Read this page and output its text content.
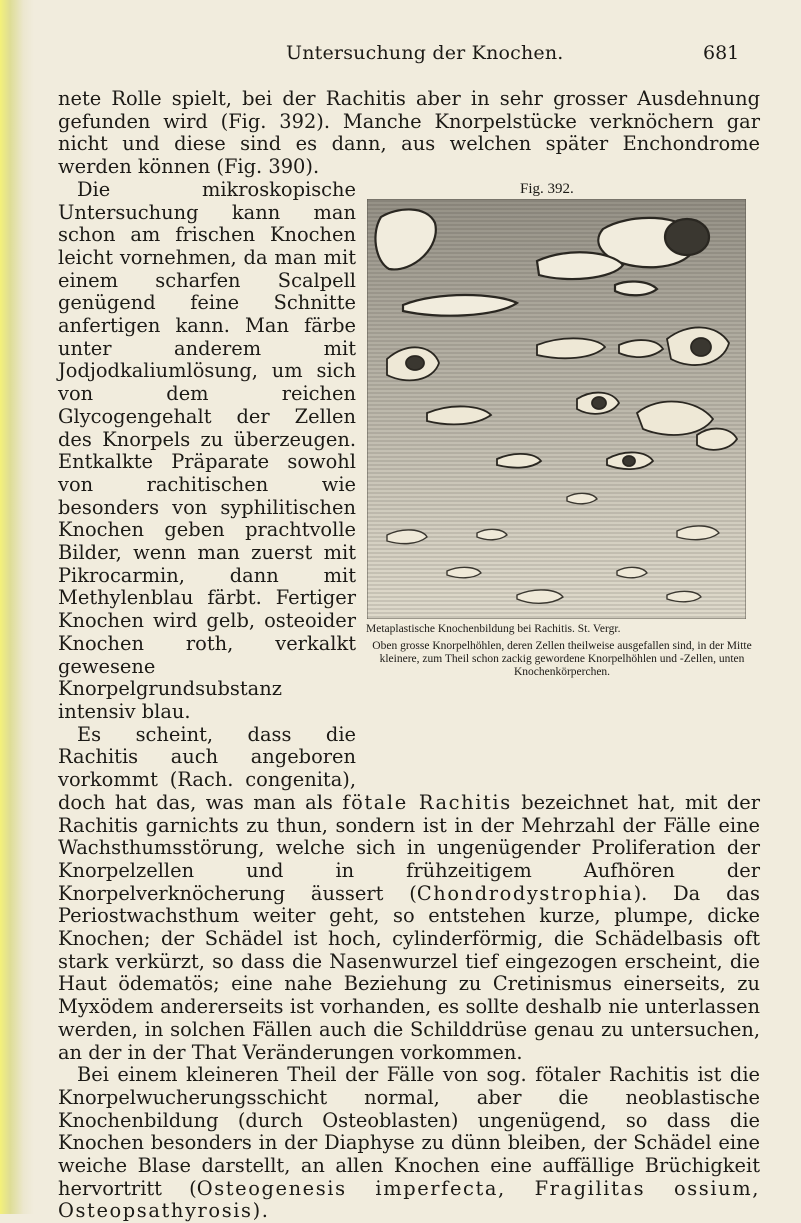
Untersuchung der Knochen.	681

nete Rolle spielt, bei der Rachitis aber in sehr grosser Ausdehnung gefunden wird (Fig. 392). Manche Knorpelstücke verknöchern gar nicht und diese sind es dann, aus welchen später Enchondrome werden können (Fig. 390).

Fig. 392.
Metaplastische Knochenbildung bei Rachitis. St. Vergr.
Oben grosse Knorpelhöhlen, deren Zellen theilweise ausgefallen sind, in der Mitte kleinere, zum Theil schon zackig gewordene Knorpelhöhlen und -Zellen, unten Knochenkörperchen.

Die mikroskopische Untersuchung kann man schon am frischen Knochen leicht vornehmen, da man mit einem scharfen Scalpell genügend feine Schnitte anfertigen kann. Man färbe unter anderem mit Jodjodkaliumlösung, um sich von dem reichen Glycogengehalt der Zellen des Knorpels zu überzeugen. Entkalkte Präparate sowohl von rachitischen wie besonders von syphilitischen Knochen geben prachtvolle Bilder, wenn man zuerst mit Pikrocarmin, dann mit Methylenblau färbt. Fertiger Knochen wird gelb, osteoider Knochen roth, verkalkt gewesene Knorpelgrundsubstanz intensiv blau.

Es scheint, dass die Rachitis auch angeboren vorkommt (Rach. congenita), doch hat das, was man als fötale Rachitis bezeichnet hat, mit der Rachitis garnichts zu thun, sondern ist in der Mehrzahl der Fälle eine Wachsthumsstörung, welche sich in ungenügender Proliferation der Knorpelzellen und in frühzeitigem Aufhören der Knorpelverknöcherung äussert (Chondrodystrophia). Da das Periostwachsthum weiter geht, so entstehen kurze, plumpe, dicke Knochen; der Schädel ist hoch, cylinderförmig, die Schädelbasis oft stark verkürzt, so dass die Nasenwurzel tief eingezogen erscheint, die Haut ödematös; eine nahe Beziehung zu Cretinismus einerseits, zu Myxödem andererseits ist vorhanden, es sollte deshalb nie unterlassen werden, in solchen Fällen auch die Schilddrüse genau zu untersuchen, an der in der That Veränderungen vorkommen.

Bei einem kleineren Theil der Fälle von sog. fötaler Rachitis ist die Knorpelwucherungsschicht normal, aber die neoblastische Knochenbildung (durch Osteoblasten) ungenügend, so dass die Knochen besonders in der Diaphyse zu dünn bleiben, der Schädel eine weiche Blase darstellt, an allen Knochen eine auffällige Brüchigkeit hervortritt (Osteogenesis imperfecta, Fragilitas ossium, Osteopsathyrosis).
